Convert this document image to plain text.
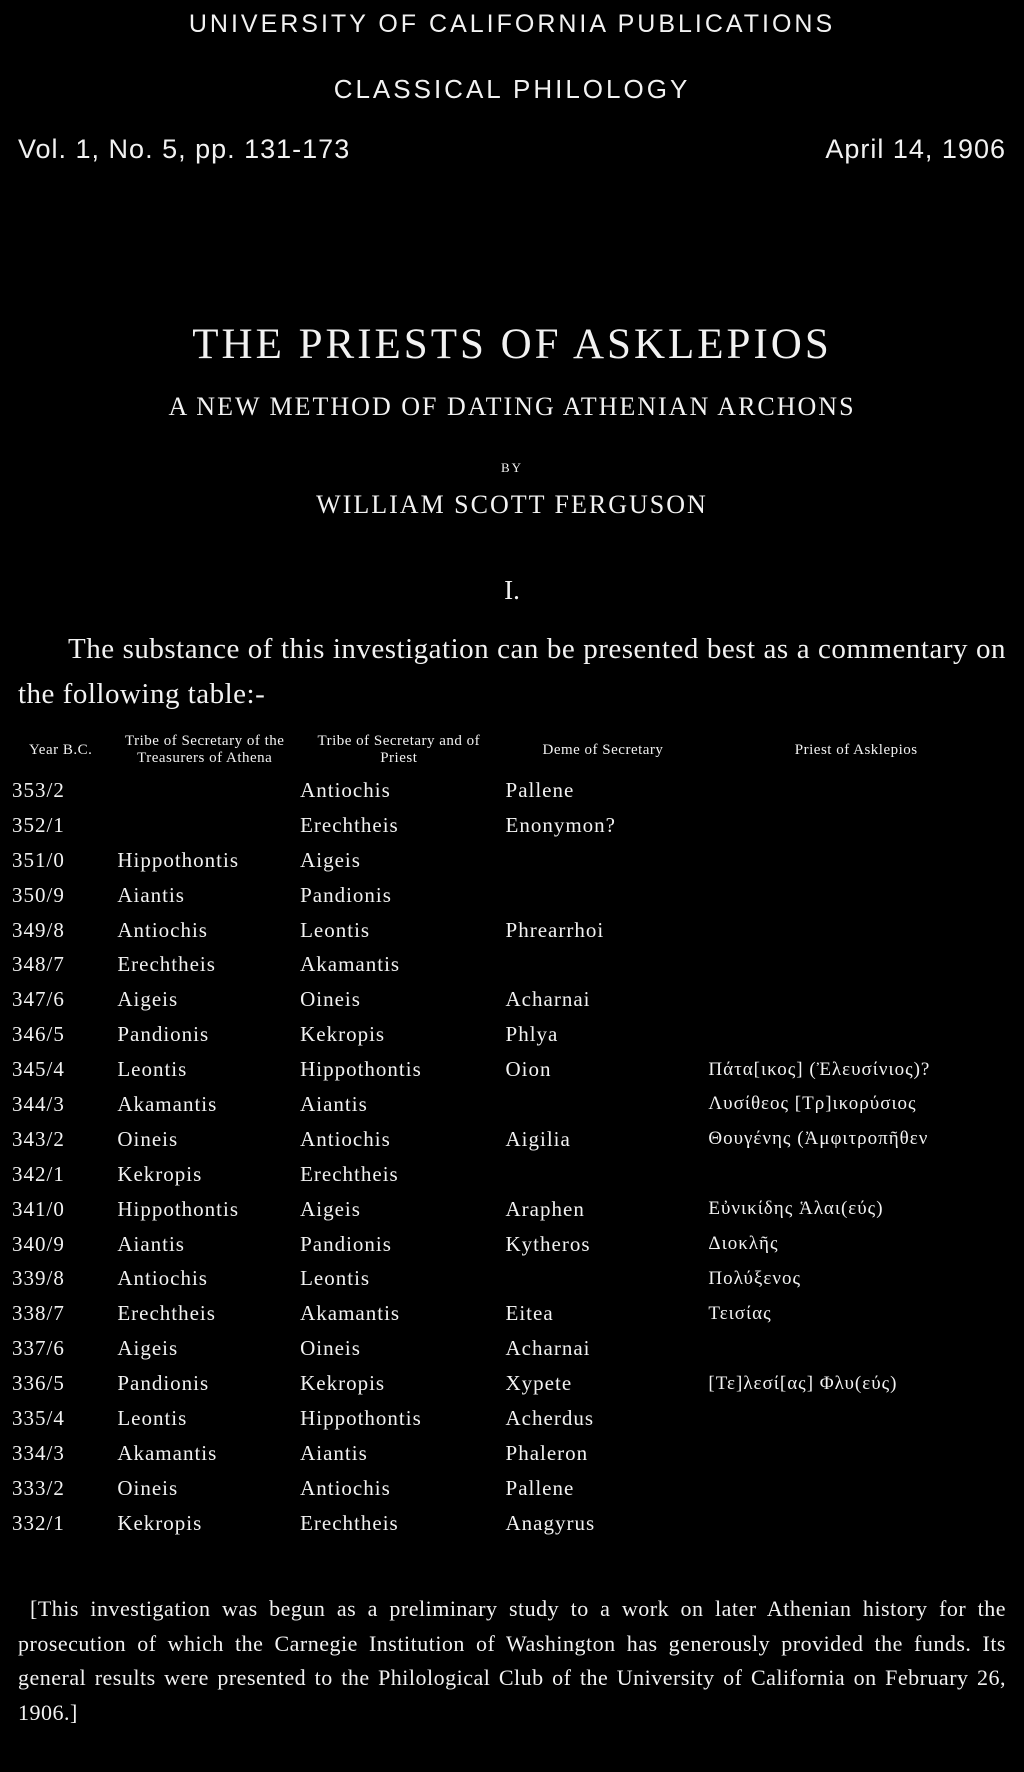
UNIVERSITY OF CALIFORNIA PUBLICATIONS
CLASSICAL PHILOLOGY
Vol. 1, No. 5, pp. 131-173	April 14, 1906
THE PRIESTS OF ASKLEPIOS
A NEW METHOD OF DATING ATHENIAN ARCHONS
BY
WILLIAM SCOTT FERGUSON
I.
The substance of this investigation can be presented best as a commentary on the following table:-
Year B.C.	Tribe of Secretary of the Treasurers of Athena	Tribe of Secretary and of Priest	Deme of Secretary	Priest of Asklepios
353/2		Antiochis	Pallene	
352/1		Erechtheis	Enonymon?	
351/0	Hippothontis	Aigeis		
350/9	Aiantis	Pandionis		
349/8	Antiochis	Leontis	Phrearrhoi	
348/7	Erechtheis	Akamantis		
347/6	Aigeis	Oineis	Acharnai	
346/5	Pandionis	Kekropis	Phlya	
345/4	Leontis	Hippothontis	Oion	Πάτα[ικος] (Ἐλευσίνιος)?
344/3	Akamantis	Aiantis		Λυσίθεος [Τρ]ικορύσιος
343/2	Oineis	Antiochis	Aigilia	Θουγένης (Ἀμφιτροπῆθεν
342/1	Kekropis	Erechtheis		
341/0	Hippothontis	Aigeis	Araphen	Εὐνικίδης Ἁλαι(εύς)
340/9	Aiantis	Pandionis	Kytheros	Διοκλῆς
339/8	Antiochis	Leontis		Πολύξενος
338/7	Erechtheis	Akamantis	Eitea	Τεισίας
337/6	Aigeis	Oineis	Acharnai	
336/5	Pandionis	Kekropis	Xypete	[Τε]λεσί[ας] Φλυ(εύς)
335/4	Leontis	Hippothontis	Acherdus	
334/3	Akamantis	Aiantis	Phaleron	
333/2	Oineis	Antiochis	Pallene	
332/1	Kekropis	Erechtheis	Anagyrus	
[This investigation was begun as a preliminary study to a work on later Athenian history for the prosecution of which the Carnegie Institution of Washington has generously provided the funds. Its general results were presented to the Philological Club of the University of California on February 26, 1906.]
